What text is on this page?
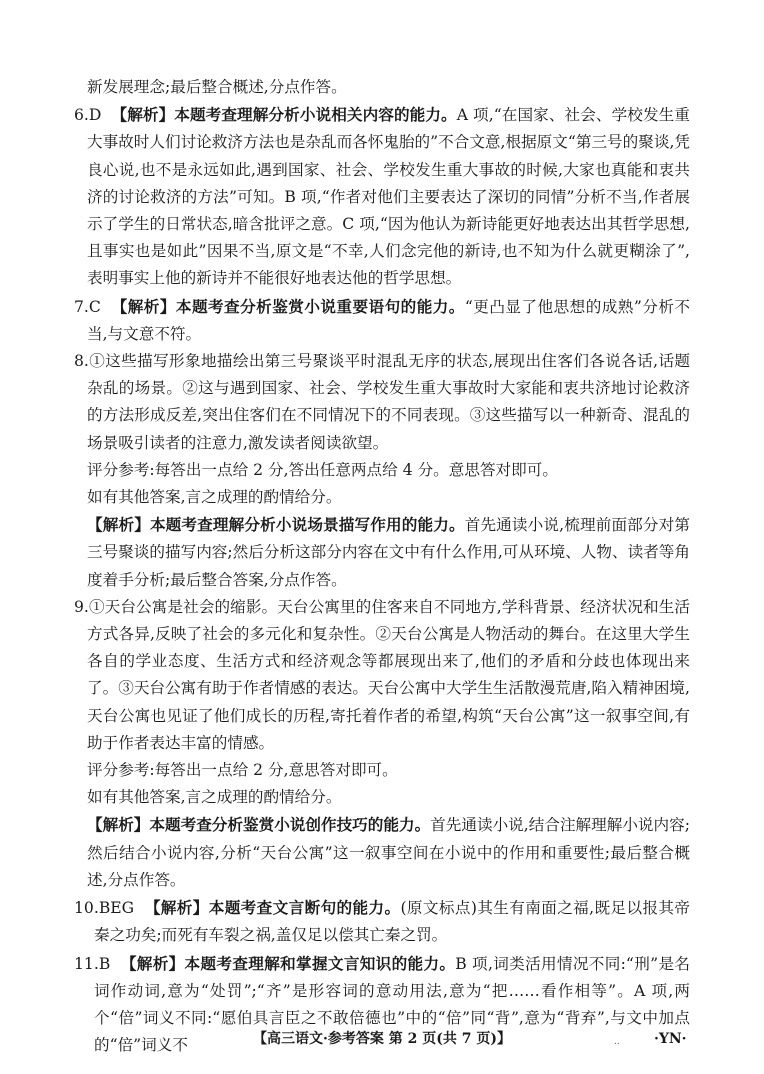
新发展理念;最后整合概述,分点作答。
6.D 【解析】本题考查理解分析小说相关内容的能力。A 项,“在国家、社会、学校发生重大事故时人们讨论救济方法也是杂乱而各怀鬼胎的”不合文意,根据原文“第三号的聚谈,凭良心说,也不是永远如此,遇到国家、社会、学校发生重大事故的时候,大家也真能和衷共济的讨论救济的方法”可知。B 项,“作者对他们主要表达了深切的同情”分析不当,作者展示了学生的日常状态,暗含批评之意。C 项,“因为他认为新诗能更好地表达出其哲学思想,且事实也是如此”因果不当,原文是“不幸,人们念完他的新诗,也不知为什么就更糊涂了”,表明事实上他的新诗并不能很好地表达他的哲学思想。
7.C 【解析】本题考查分析鉴赏小说重要语句的能力。“更凸显了他思想的成熟”分析不当,与文意不符。
8.①这些描写形象地描绘出第三号聚谈平时混乱无序的状态,展现出住客们各说各话,话题杂乱的场景。②这与遇到国家、社会、学校发生重大事故时大家能和衷共济地讨论救济的方法形成反差,突出住客们在不同情况下的不同表现。③这些描写以一种新奇、混乱的场景吸引读者的注意力,激发读者阅读欲望。
评分参考:每答出一点给 2 分,答出任意两点给 4 分。意思答对即可。
如有其他答案,言之成理的酌情给分。
【解析】本题考查理解分析小说场景描写作用的能力。首先通读小说,梳理前面部分对第三号聚谈的描写内容;然后分析这部分内容在文中有什么作用,可从环境、人物、读者等角度着手分析;最后整合答案,分点作答。
9.①天台公寓是社会的缩影。天台公寓里的住客来自不同地方,学科背景、经济状况和生活方式各异,反映了社会的多元化和复杂性。②天台公寓是人物活动的舞台。在这里大学生各自的学业态度、生活方式和经济观念等都展现出来了,他们的矛盾和分歧也体现出来了。③天台公寓有助于作者情感的表达。天台公寓中大学生生活散漫荒唐,陷入精神困境,天台公寓也见证了他们成长的历程,寄托着作者的希望,构筑“天台公寓”这一叙事空间,有助于作者表达丰富的情感。
评分参考:每答出一点给 2 分,意思答对即可。
如有其他答案,言之成理的酌情给分。
【解析】本题考查分析鉴赏小说创作技巧的能力。首先通读小说,结合注解理解小说内容;然后结合小说内容,分析“天台公寓”这一叙事空间在小说中的作用和重要性;最后整合概述,分点作答。
10.BEG 【解析】本题考查文言断句的能力。(原文标点)其生有南面之福,既足以报其帝秦之功矣;而死有车裂之祸,盖仅足以偿其亡秦之罚。
11.B 【解析】本题考查理解和掌握文言知识的能力。B 项,词类活用情况不同:“刑”是名词作动词,意为“处罚”;“齐”是形容词的意动用法,意为“把……看作相等”。A 项,两个“倍”词义不同:“愿伯具言臣之不敢倍德也”中的“倍”同“背”,意为“背弃”,与文中加点的“倍”词义不	【高三语文·参考答案 第 2 页(共 7 页)】	.. ·YN·
